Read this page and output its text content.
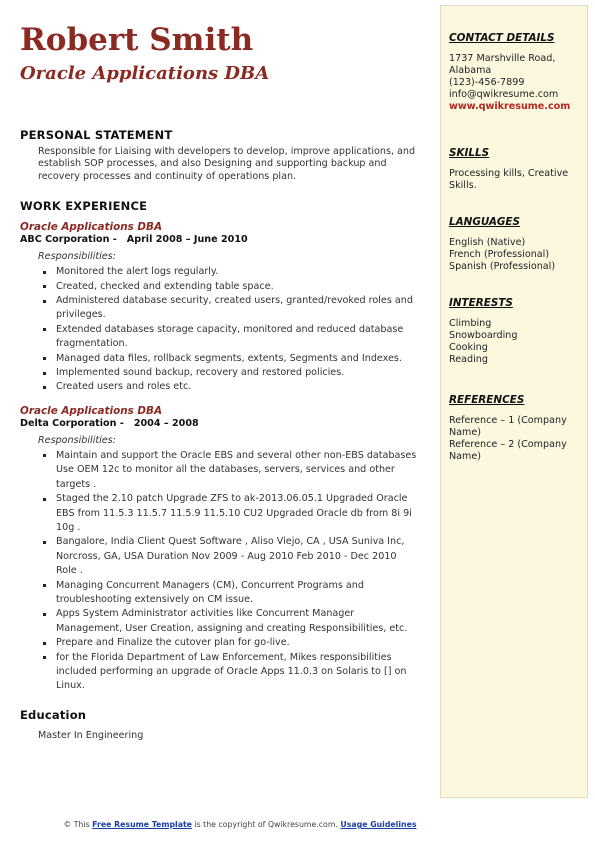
Robert Smith
Oracle Applications DBA
PERSONAL STATEMENT
Responsible for Liaising with developers to develop, improve applications, and establish SOP processes, and also Designing and supporting backup and recovery processes and continuity of operations plan.
WORK EXPERIENCE
Oracle Applications DBA
ABC Corporation -   April 2008 – June 2010
Responsibilities:
Monitored the alert logs regularly.
Created, checked and extending table space.
Administered database security, created users, granted/revoked roles and privileges.
Extended databases storage capacity, monitored and reduced database fragmentation.
Managed data files, rollback segments, extents, Segments and Indexes.
Implemented sound backup, recovery and restored policies.
Created users and roles etc.
Oracle Applications DBA
Delta Corporation -   2004 – 2008
Responsibilities:
Maintain and support the Oracle EBS and several other non-EBS databases Use OEM 12c to monitor all the databases, servers, services and other targets .
Staged the 2.10 patch Upgrade ZFS to ak-2013.06.05.1 Upgraded Oracle EBS from 11.5.3 11.5.7 11.5.9 11.5.10 CU2 Upgraded Oracle db from 8i 9i 10g .
Bangalore, India Client Quest Software , Aliso Viejo, CA , USA Suniva Inc, Norcross, GA, USA Duration Nov 2009 - Aug 2010 Feb 2010 - Dec 2010 Role .
Managing Concurrent Managers (CM), Concurrent Programs and troubleshooting extensively on CM issue.
Apps System Administrator activities like Concurrent Manager Management, User Creation, assigning and creating Responsibilities, etc.
Prepare and Finalize the cutover plan for go-live.
for the Florida Department of Law Enforcement, Mikes responsibilities included performing an upgrade of Oracle Apps 11.0.3 on Solaris to [] on Linux.
Education
Master In Engineering
CONTACT DETAILS
1737 Marshville Road,
Alabama
(123)-456-7899
info@qwikresume.com
www.qwikresume.com
SKILLS
Processing kills, Creative Skills.
LANGUAGES
English (Native)
French (Professional)
Spanish (Professional)
INTERESTS
Climbing
Snowboarding
Cooking
Reading
REFERENCES
Reference – 1 (Company Name)
Reference – 2 (Company Name)
© This Free Resume Template is the copyright of Qwikresume.com. Usage Guidelines
